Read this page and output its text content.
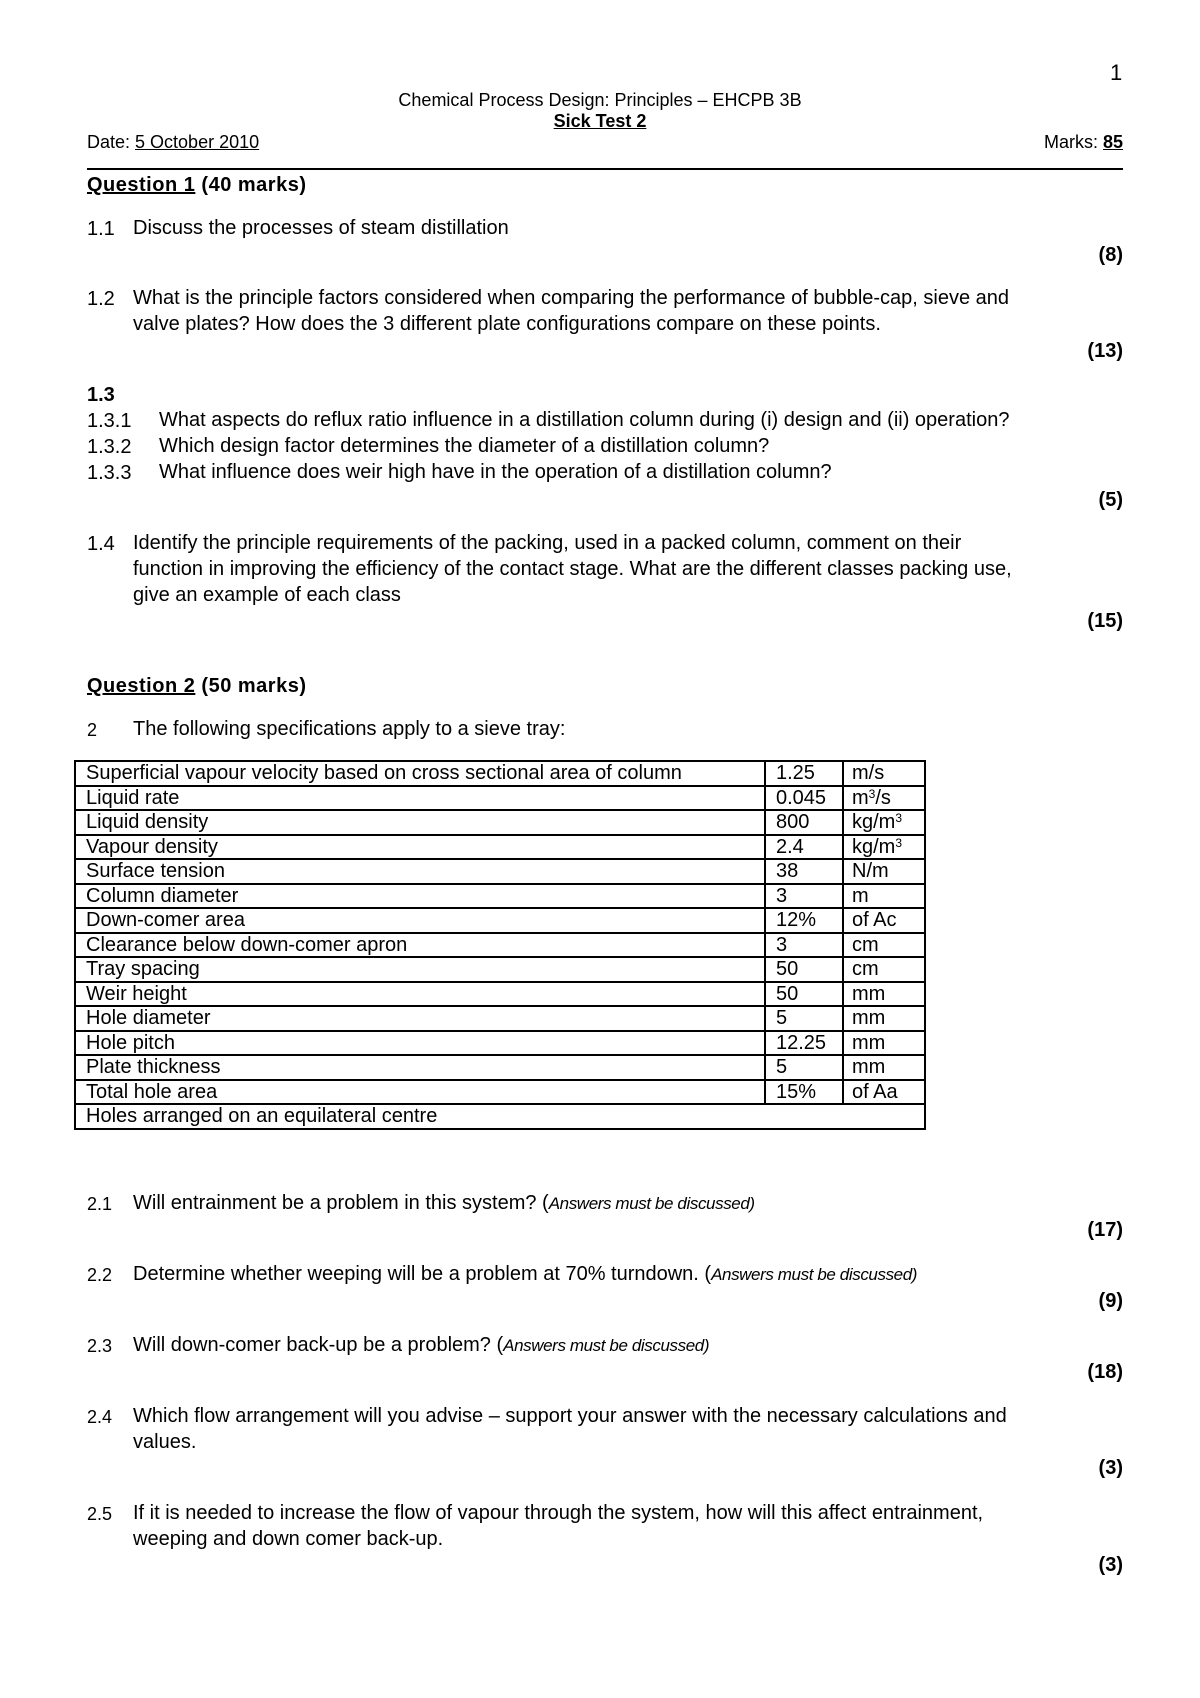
1
Chemical Process Design: Principles – EHCPB 3B
Sick Test 2
Date: 5 October 2010	Marks: 85
Question 1 (40 marks)
1.1 Discuss the processes of steam distillation
(8)
1.2 What is the principle factors considered when comparing the performance of bubble-cap, sieve and
valve plates? How does the 3 different plate configurations compare on these points.
(13)
1.3
1.3.1 What aspects do reflux ratio influence in a distillation column during (i) design and (ii) operation?
1.3.2 Which design factor determines the diameter of a distillation column?
1.3.3 What influence does weir high have in the operation of a distillation column?
(5)
1.4 Identify the principle requirements of the packing, used in a packed column, comment on their
function in improving the efficiency of the contact stage. What are the different classes packing use,
give an example of each class
(15)
Question 2 (50 marks)
2 The following specifications apply to a sieve tray:
Superficial vapour velocity based on cross sectional area of column	1.25	m/s
Liquid rate	0.045	$m^3/s$
Liquid density	800	$kg/m^3$
Vapour density	2.4	$kg/m^3$
Surface tension	38	N/m
Column diameter	3	m
Down-comer area	12%	of Ac
Clearance below down-comer apron	3	cm
Tray spacing	50	cm
Weir height	50	mm
Hole diameter	5	mm
Hole pitch	12.25	mm
Plate thickness	5	mm
Total hole area	15%	of Aa
Holes arranged on an equilateral centre		
2.1 Will entrainment be a problem in this system? (Answers must be discussed)
(17)
2.2 Determine whether weeping will be a problem at 70% turndown. (Answers must be discussed)
(9)
2.3 Will down-comer back-up be a problem? (Answers must be discussed)
(18)
2.4 Which flow arrangement will you advise – support your answer with the necessary calculations and
values.
(3)
2.5 If it is needed to increase the flow of vapour through the system, how will this affect entrainment,
weeping and down comer back-up.
(3)
